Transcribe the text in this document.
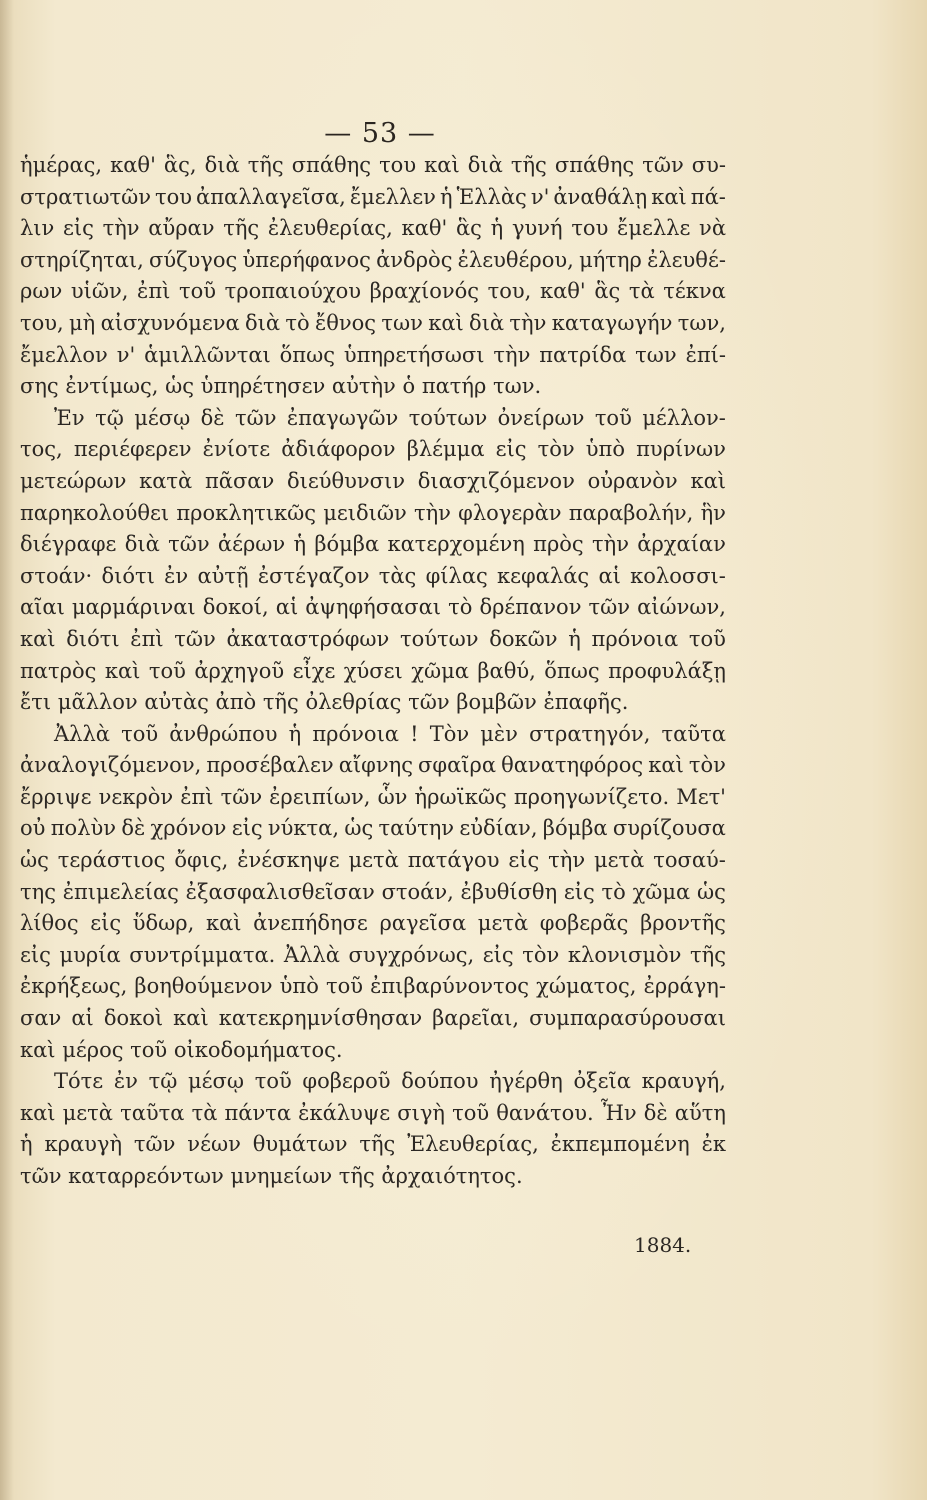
— 53 —
ἡμέρας, καθ' ἃς, διὰ τῆς σπάθης του καὶ διὰ τῆς σπάθης τῶν συ-
στρατιωτῶν του ἀπαλλαγεῖσα, ἔμελλεν ἡ Ἑλλὰς ν' ἀναθάλῃ καὶ πά-
λιν εἰς τὴν αὔραν τῆς ἐλευθερίας, καθ' ἃς ἡ γυνή του ἔμελλε νὰ
στηρίζηται, σύζυγος ὑπερήφανος ἀνδρὸς ἐλευθέρου, μήτηρ ἐλευθέ-
ρων υἱῶν, ἐπὶ τοῦ τροπαιούχου βραχίονός του, καθ' ἃς τὰ τέκνα
του, μὴ αἰσχυνόμενα διὰ τὸ ἔθνος των καὶ διὰ τὴν καταγωγήν των,
ἔμελλον ν' ἁμιλλῶνται ὅπως ὑπηρετήσωσι τὴν πατρίδα των ἐπί-
σης ἐντίμως, ὡς ὑπηρέτησεν αὐτὴν ὁ πατήρ των.
Ἐν τῷ μέσῳ δὲ τῶν ἐπαγωγῶν τούτων ὀνείρων τοῦ μέλλον-
τος, περιέφερεν ἐνίοτε ἀδιάφορον βλέμμα εἰς τὸν ὑπὸ πυρίνων
μετεώρων κατὰ πᾶσαν διεύθυνσιν διασχιζόμενον οὐρανὸν καὶ
παρηκολούθει προκλητικῶς μειδιῶν τὴν φλογερὰν παραβολήν, ἣν
διέγραφε διὰ τῶν ἀέρων ἡ βόμβα κατερχομένη πρὸς τὴν ἀρχαίαν
στοάν· διότι ἐν αὐτῇ ἐστέγαζον τὰς φίλας κεφαλάς αἱ κολοσσι-
αῖαι μαρμάριναι δοκοί, αἱ ἀψηφήσασαι τὸ δρέπανον τῶν αἰώνων,
καὶ διότι ἐπὶ τῶν ἀκαταστρόφων τούτων δοκῶν ἡ πρόνοια τοῦ
πατρὸς καὶ τοῦ ἀρχηγοῦ εἶχε χύσει χῶμα βαθύ, ὅπως προφυλάξῃ
ἔτι μᾶλλον αὐτὰς ἀπὸ τῆς ὀλεθρίας τῶν βομβῶν ἐπαφῆς.
Ἀλλὰ τοῦ ἀνθρώπου ἡ πρόνοια ! Τὸν μὲν στρατηγόν, ταῦτα
ἀναλογιζόμενον, προσέβαλεν αἴφνης σφαῖρα θανατηφόρος καὶ τὸν
ἔρριψε νεκρὸν ἐπὶ τῶν ἐρειπίων, ὧν ἡρωϊκῶς προηγωνίζετο. Μετ'
οὐ πολὺν δὲ χρόνον εἰς νύκτα, ὡς ταύτην εὐδίαν, βόμβα συρίζουσα
ὡς τεράστιος ὄφις, ἐνέσκηψε μετὰ πατάγου εἰς τὴν μετὰ τοσαύ-
της ἐπιμελείας ἐξασφαλισθεῖσαν στοάν, ἐβυθίσθη εἰς τὸ χῶμα ὡς
λίθος εἰς ὕδωρ, καὶ ἀνεπήδησε ραγεῖσα μετὰ φοβερᾶς βροντῆς
εἰς μυρία συντρίμματα. Ἀλλὰ συγχρόνως, εἰς τὸν κλονισμὸν τῆς
ἐκρήξεως, βοηθούμενον ὑπὸ τοῦ ἐπιβαρύνοντος χώματος, ἐρράγη-
σαν αἱ δοκοὶ καὶ κατεκρημνίσθησαν βαρεῖαι, συμπαρασύρουσαι
καὶ μέρος τοῦ οἰκοδομήματος.
Τότε ἐν τῷ μέσῳ τοῦ φοβεροῦ δούπου ἠγέρθη ὀξεῖα κραυγή,
καὶ μετὰ ταῦτα τὰ πάντα ἐκάλυψε σιγὴ τοῦ θανάτου. Ἦν δὲ αὕτη
ἡ κραυγὴ τῶν νέων θυμάτων τῆς Ἐλευθερίας, ἐκπεμπομένη ἐκ
τῶν καταρρεόντων μνημείων τῆς ἀρχαιότητος.
1884.
